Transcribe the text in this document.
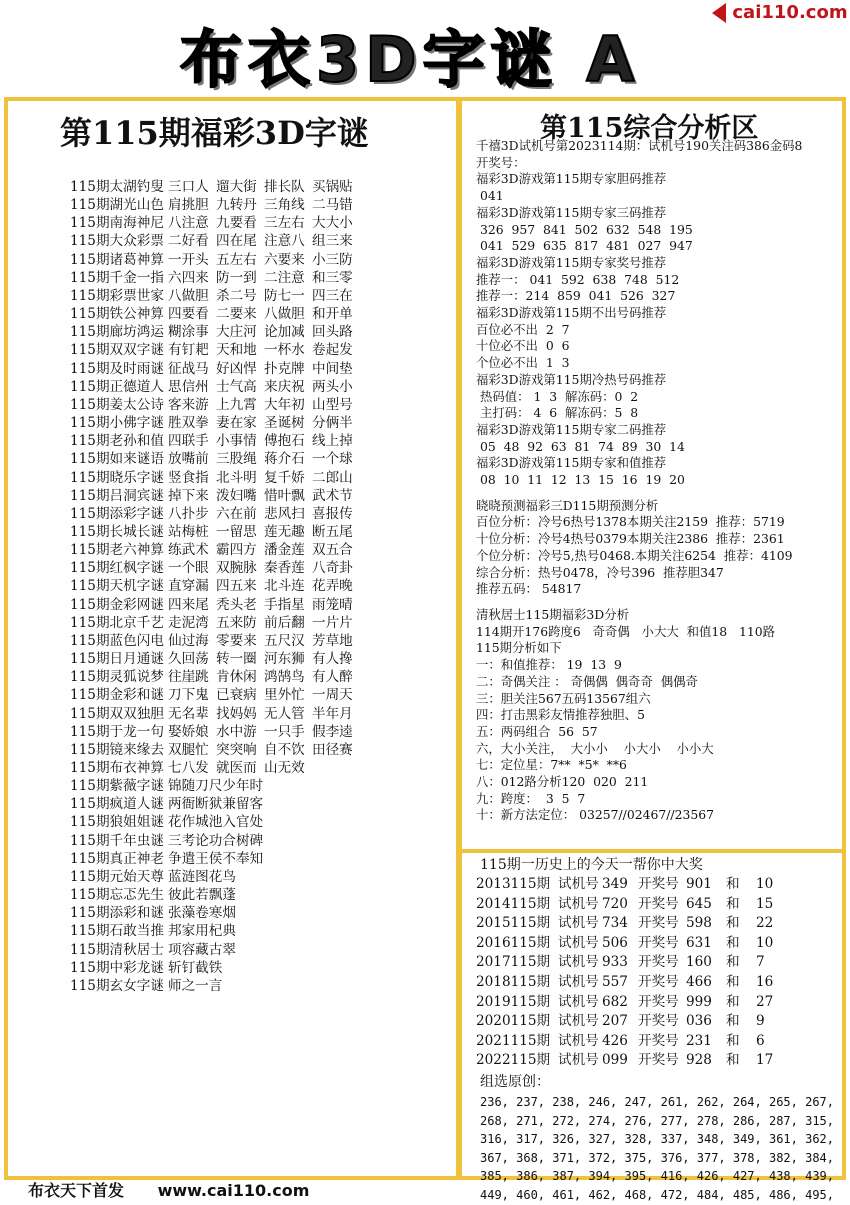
布衣3D字谜 A
cai110.com
第115期福彩3D字谜
115期太湖钓叟 三口人 遛大街 排长队 买锅贴
115期湖光山色 肩挑胆 九转丹 三角线 二马错
115期南海神尼 八注意 九要看 三左右 大大小
115期大众彩票 二好看 四在尾 注意八 组三来
115期诸葛神算 一开头 五左右 六要来 小三防
115期千金一指 六四来 防一到 二注意 和三零
115期彩票世家 八做胆 杀二号 防七一 四三在
115期铁公神算 四要看 二要来 八做胆 和开单
115期廊坊鸿运 糊涂事 大庄河 论加减 回头路
115期双双字谜 有钉耙 天和地 一杯水 卷起发
115期及时雨谜 征战马 好凶悍 扑克牌 中间垫
115期正德道人 思信州 士气高 来庆祝 两头小
115期姜太公诗 客来游 上九霄 大年初 山型号
115期小佛字谜 胜双拳 妻在家 圣诞树 分俩半
115期老孙和值 四联手 小事情 傅抱石 线上掉
115期如来谜语 放嘴前 三股绳 蒋介石 一个球
115期晓乐字谜 竖食指 北斗明 复千娇 二郎山
115期吕洞宾谜 掉下来 泼妇嘴 惜叶飘 武术节
115期添彩字谜 八扑步 六在前 悲风扫 喜报传
115期长城长谜 站梅桩 一留思 莲无趣 断五尾
115期老六神算 练武术 霸四方 潘金莲 双五合
115期红枫字谜 一个眼 双腕脉 秦香莲 八奇卦
115期天机字谜 直穿漏 四五来 北斗连 花弄晚
115期金彩网谜 四来尾 秃头老 手指星 雨笼晴
115期北京千艺 走泥湾 五来防 前后翻 一片片
115期蓝色闪电 仙过海 零要来 五尺汉 芳草地
115期日月通谜 久回荡 转一圈 河东狮 有人搀
115期灵狐说梦 往崖跳 肯休闲 鸿鹄鸟 有人醉
115期金彩和谜 刀下鬼 已衰病 里外忙 一周天
115期双双独胆 无名辈 找妈妈 无人管 半年月
115期于龙一句 娶娇娘 水中游 一只手 假李逵
115期镜来缘去 双腿忙 突突响 自不饮 田径赛
115期布衣神算 七八发 就医而 山无效
115期紫薇字谜 锦随刀尺少年时
115期疯道人谜 两衙断狱兼留客
115期狼姐姐谜 花作城池入官处
115期千年虫谜 三考论功合树碑
115期真正神老 争遣王侯不奉知
115期元始天尊 蓝涟图花鸟
115期忘忑先生 彼此若飘蓬
115期添彩和谜 张藻卷寒烟
115期石敢当推 邦家用杞典
115期清秋居士 项容藏古翠
115期中彩龙谜 斩钉截铁
115期玄女字谜 师之一言
第115综合分析区
千禧3D试机号第2023114期：试机号190关注码386金码8
开奖号：
福彩3D游戏第115期专家胆码推荐
041
福彩3D游戏第115期专家三码推荐
326  957  841  502  632  548  195
041  529  635  817  481  027  947
福彩3D游戏第115期专家奖号推荐
推荐一： 041  592  638  748  512
推荐一：214  859  041  526  327
福彩3D游戏第115期不出号码推荐
百位必不出  2  7
十位必不出  0  6
个位必不出  1  3
福彩3D游戏第115期冷热号码推荐
热码值： 1  3  解冻码：0  2
主打码： 4  6  解冻码：5  8
福彩3D游戏第115期专家二码推荐
05  48  92  63  81  74  89  30  14
福彩3D游戏第115期专家和值推荐
08  10  11  12  13  15  16  19  20
晓晓预测福彩三D115期预测分析
百位分析：冷号6热号1378本期关注2159  推荐：5719
十位分析：冷号4热号0379本期关注2386  推荐：2361
个位分析：冷号5,热号0468.本期关注6254  推荐：4109
综合分析：热号0478，冷号396  推荐胆347
推荐五码： 54817
清秋居士115期福彩3D分析
114期开176跨度6   奇奇偶   小大大  和值18   110路
115期分析如下
一：和值推荐： 19  13  9
二：奇偶关注 ： 奇偶偶  偶奇奇  偶偶奇
三：胆关注567五码13567组六
四：打击黑彩友情推荐独胆、5
五：两码组合  56  57
六，大小关注，  大小小    小大小    小小大
七：定位星：7**  *5*  **6
八：012路分析120  020  211
九：跨度：  3  5  7
十：新方法定位： 03257//02467//23567
115期一历史上的今天一帮你中大奖
2013115期 试机号 349 开奖号 901 和 10
2014115期 试机号 720 开奖号 645 和 15
2015115期 试机号 734 开奖号 598 和 22
2016115期 试机号 506 开奖号 631 和 10
2017115期 试机号 933 开奖号 160 和 7
2018115期 试机号 557 开奖号 466 和 16
2019115期 试机号 682 开奖号 999 和 27
2020115期 试机号 207 开奖号 036 和 9
2021115期 试机号 426 开奖号 231 和 6
2022115期 试机号 099 开奖号 928 和 17
组选原创：
236, 237, 238, 246, 247, 261, 262, 264, 265, 267,
268, 271, 272, 274, 276, 277, 278, 286, 287, 315,
316, 317, 326, 327, 328, 337, 348, 349, 361, 362,
367, 368, 371, 372, 375, 376, 377, 378, 382, 384,
385, 386, 387, 394, 395, 416, 426, 427, 438, 439,
449, 460, 461, 462, 468, 472, 484, 485, 486, 495,
布衣天下首发 www.cai110.com
